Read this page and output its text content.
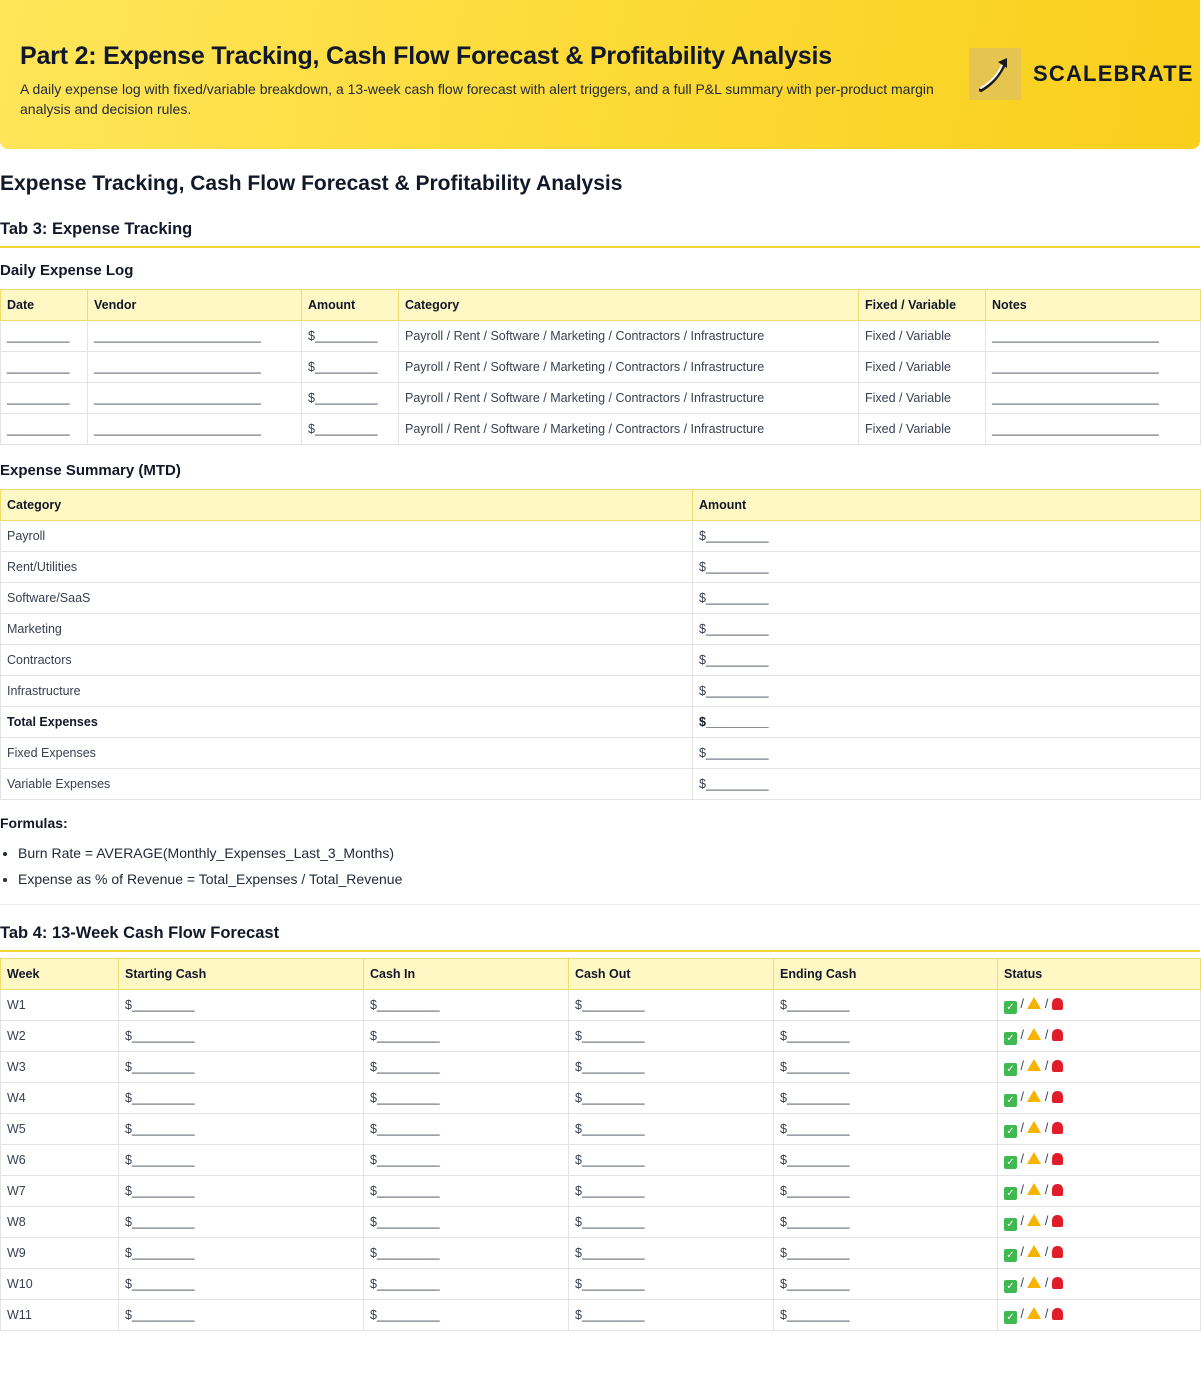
Part 2: Expense Tracking, Cash Flow Forecast & Profitability Analysis

A daily expense log with fixed/variable breakdown, a 13-week cash flow forecast with alert triggers, and a full P&L summary with per-product margin analysis and decision rules.

SCALEBRATE
Expense Tracking, Cash Flow Forecast & Profitability Analysis
Tab 3: Expense Tracking
Daily Expense Log
Date	Vendor	Amount	Category	Fixed / Variable	Notes
_________	________________________	$_________	Payroll / Rent / Software / Marketing / Contractors / Infrastructure	Fixed / Variable	________________________
_________	________________________	$_________	Payroll / Rent / Software / Marketing / Contractors / Infrastructure	Fixed / Variable	________________________
_________	________________________	$_________	Payroll / Rent / Software / Marketing / Contractors / Infrastructure	Fixed / Variable	________________________
_________	________________________	$_________	Payroll / Rent / Software / Marketing / Contractors / Infrastructure	Fixed / Variable	________________________
Expense Summary (MTD)
Category	Amount
Payroll	$_________
Rent/Utilities	$_________
Software/SaaS	$_________
Marketing	$_________
Contractors	$_________
Infrastructure	$_________
Total Expenses	$_________
Fixed Expenses	$_________
Variable Expenses	$_________
Formulas:
• Burn Rate = AVERAGE(Monthly_Expenses_Last_3_Months)
• Expense as % of Revenue = Total_Expenses / Total_Revenue
Tab 4: 13-Week Cash Flow Forecast
Week	Starting Cash	Cash In	Cash Out	Ending Cash	Status
W1	$_________	$_________	$_________	$_________	✓ /  /
W2	$_________	$_________	$_________	$_________	✓ /  /
W3	$_________	$_________	$_________	$_________	✓ /  /
W4	$_________	$_________	$_________	$_________	✓ /  /
W5	$_________	$_________	$_________	$_________	✓ /  /
W6	$_________	$_________	$_________	$_________	✓ /  /
W7	$_________	$_________	$_________	$_________	✓ /  /
W8	$_________	$_________	$_________	$_________	✓ /  /
W9	$_________	$_________	$_________	$_________	✓ /  /
W10	$_________	$_________	$_________	$_________	✓ /  /
W11	$_________	$_________	$_________	$_________	✓ /  /
